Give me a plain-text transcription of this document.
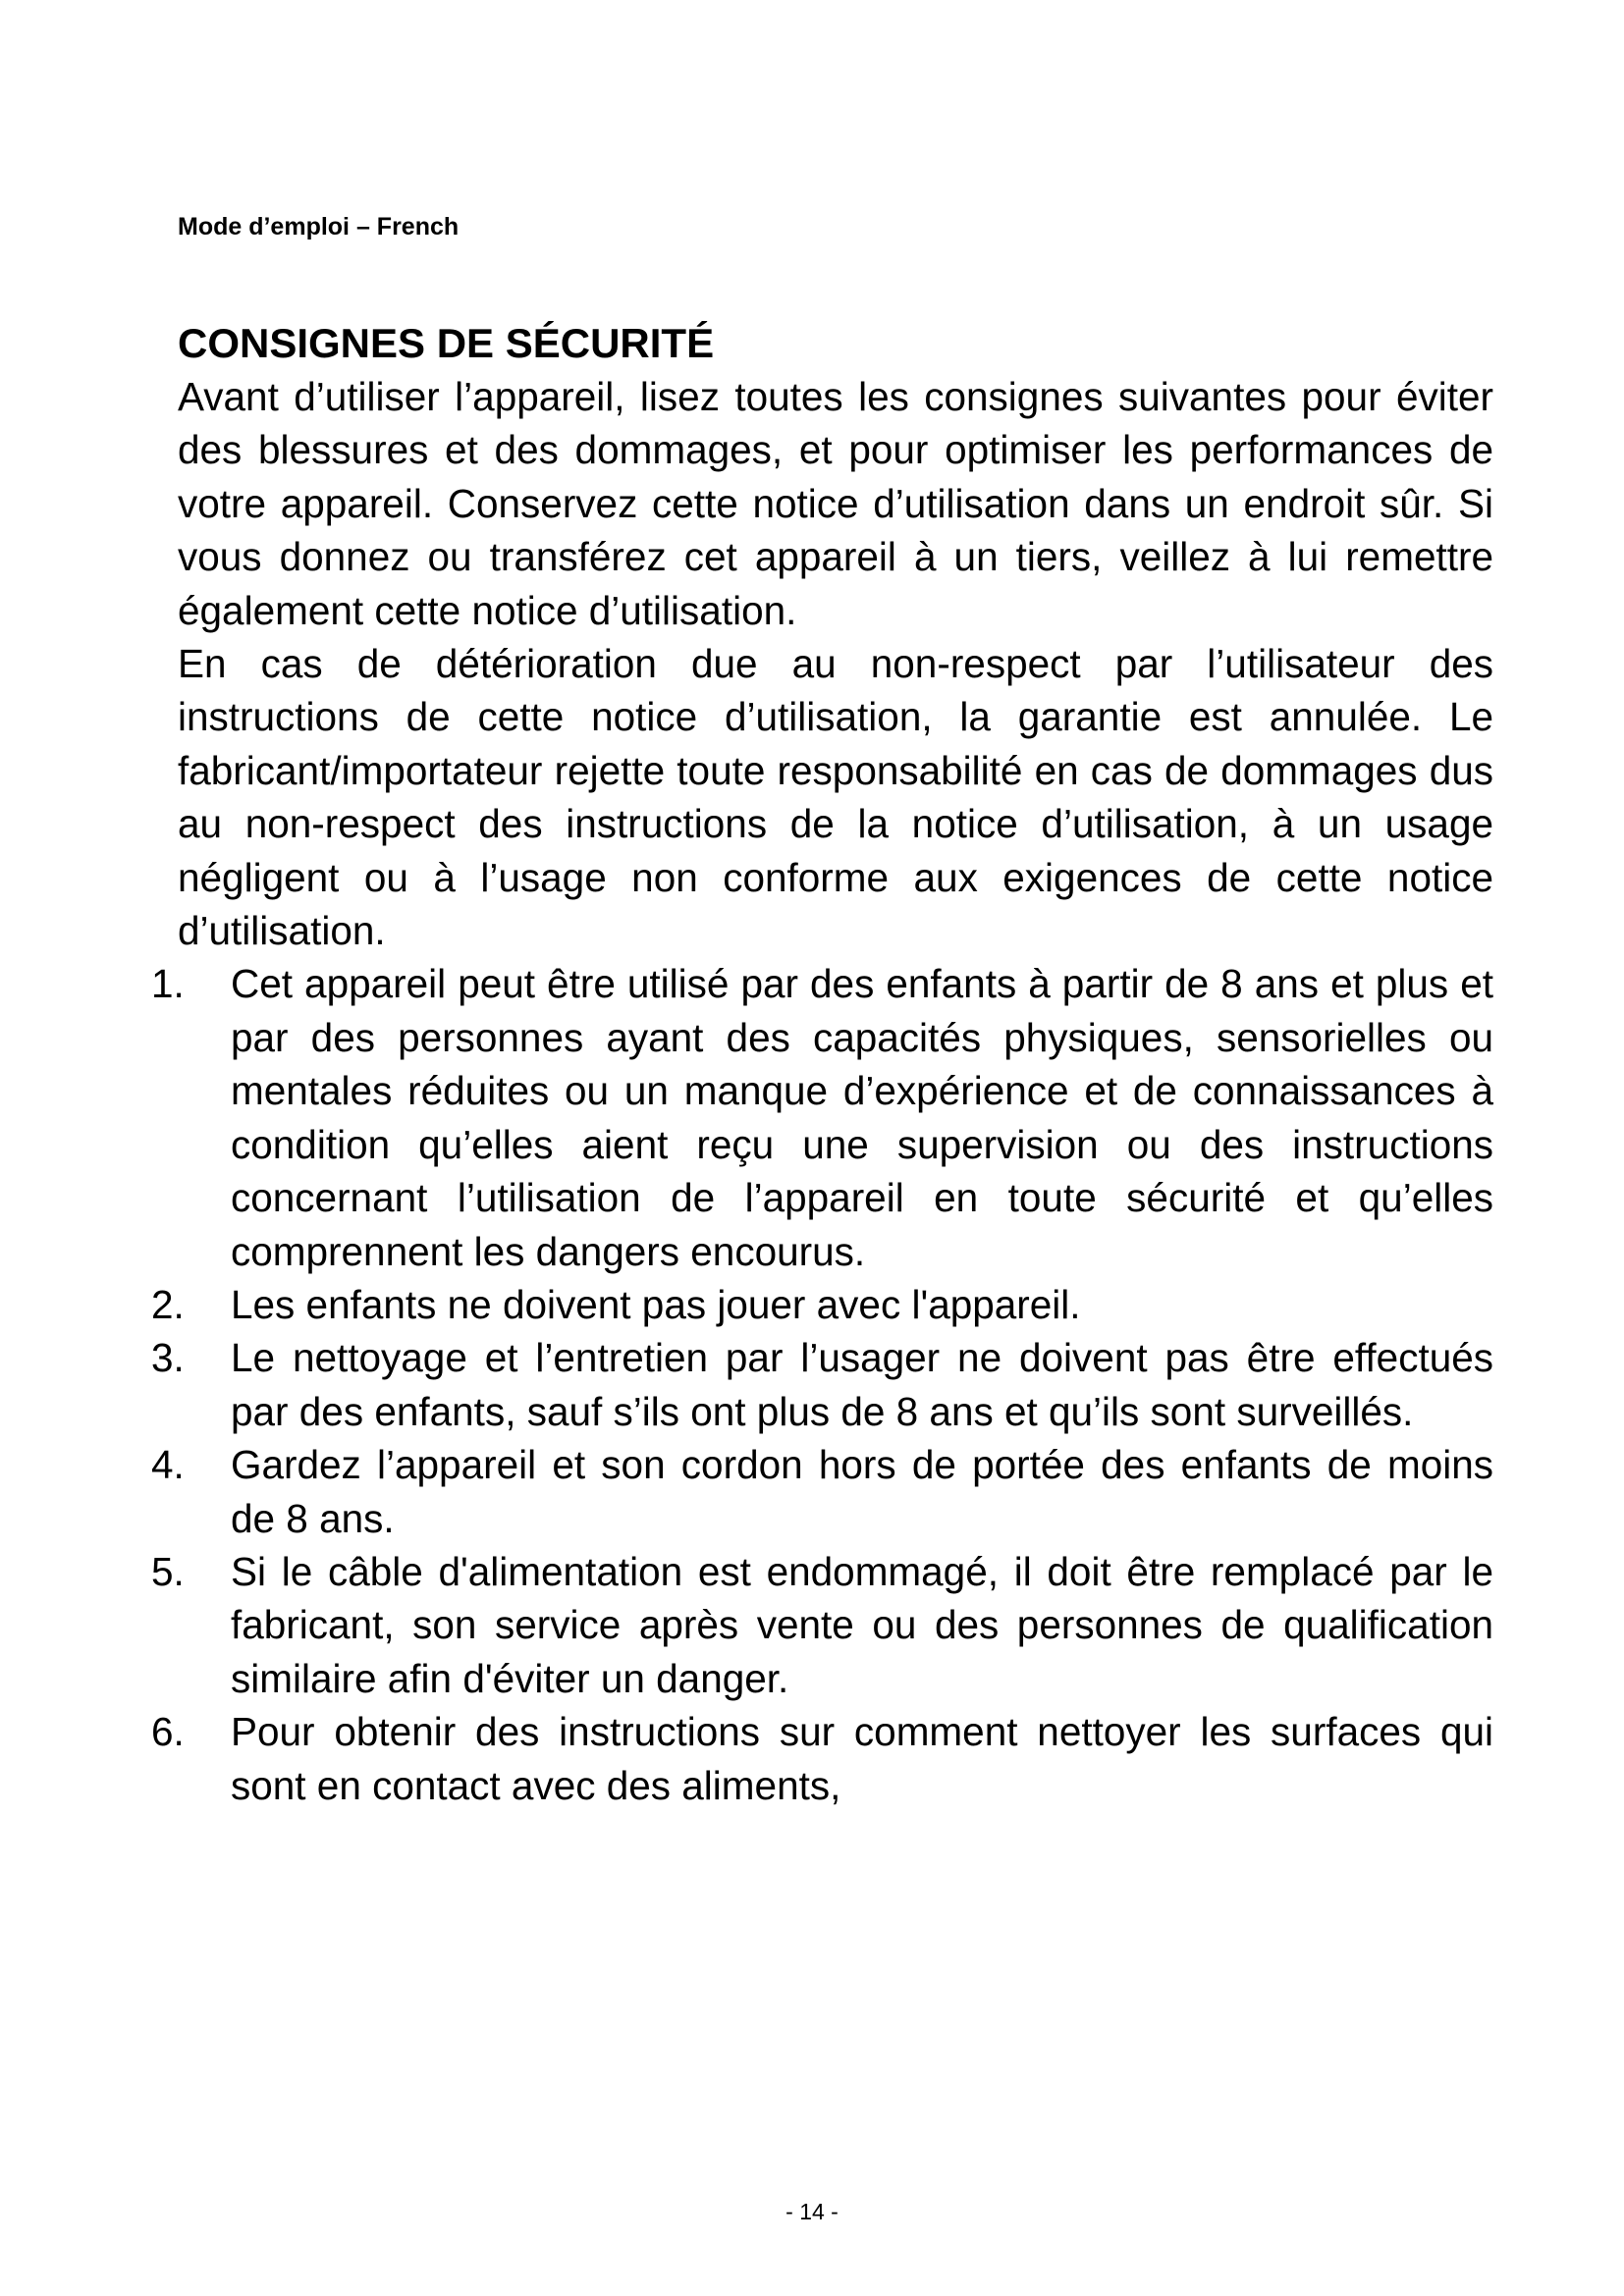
Mode d’emploi – French

CONSIGNES DE SÉCURITÉ

Avant d’utiliser l’appareil, lisez toutes les consignes suivantes pour éviter des blessures et des dommages, et pour optimiser les performances de votre appareil. Conservez cette notice d’utilisation dans un endroit sûr. Si vous donnez ou transférez cet appareil à un tiers, veillez à lui remettre également cette notice d’utilisation.

En cas de détérioration due au non-respect par l’utilisateur des instructions de cette notice d’utilisation, la garantie est annulée. Le fabricant/importateur rejette toute responsabilité en cas de dommages dus au non-respect des instructions de la notice d’utilisation, à un usage négligent ou à l’usage non conforme aux exigences de cette notice d’utilisation.

1.	Cet appareil peut être utilisé par des enfants à partir de 8 ans et plus et par des personnes ayant des capacités physiques, sensorielles ou mentales réduites ou un manque d’expérience et de connaissances à condition qu’elles aient reçu une supervision ou des instructions concernant l’utilisation de l’appareil en toute sécurité et qu’elles comprennent les dangers encourus.
2.	Les enfants ne doivent pas jouer avec l'appareil.
3.	Le nettoyage et l’entretien par l’usager ne doivent pas être effectués par des enfants, sauf s’ils ont plus de 8 ans et qu’ils sont surveillés.
4.	Gardez l’appareil et son cordon hors de portée des enfants de moins de 8 ans.
5.	Si le câble d'alimentation est endommagé, il doit être remplacé par le fabricant, son service après vente ou des personnes de qualification similaire afin d'éviter un danger.
6.	Pour obtenir des instructions sur comment nettoyer les surfaces qui sont en contact avec des aliments,
- 14 -
